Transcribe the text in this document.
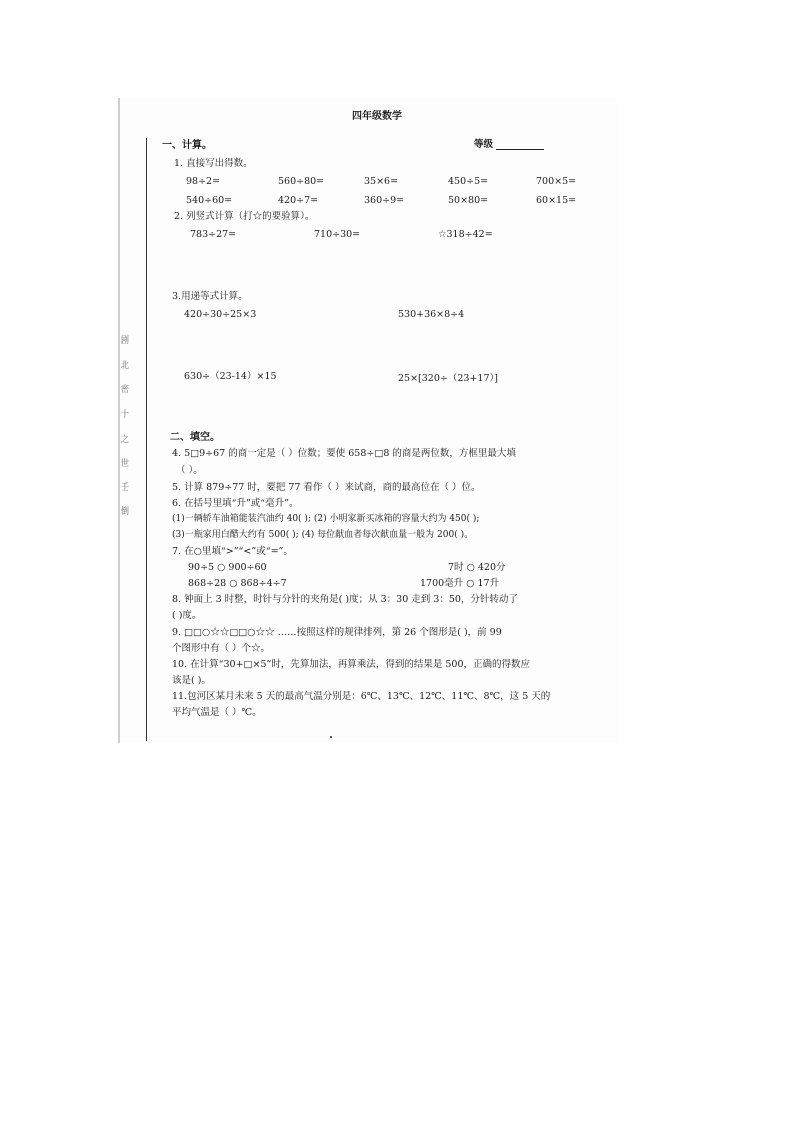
剧
北
密
十
之
世
壬
倒
四年级数学
等级
一、计算。
1. 直接写出得数。
98÷2=	560÷80=	35×6=	450÷5=	700×5=
540÷60=	420÷7=	360÷9=	50×80=	60×15=
2. 列竖式计算（打☆的要验算）。
783÷27=	710÷30=	☆318÷42=
3.用递等式计算。
420÷30÷25×3	530+36×8÷4
630÷（23-14）×15	25×[320÷（23+17）]
二、填空。
4. 5□9÷67 的商一定是（ ）位数；要使 658÷□8 的商是两位数，方框里最大填
（ ）。
5. 计算 879÷77 时，要把 77 看作（ ）来试商，商的最高位在（ ）位。
6. 在括号里填“升”或“毫升”。
(1)一辆轿车油箱能装汽油约 40( ); (2) 小明家新买冰箱的容量大约为 450( );
(3)一瓶家用白醋大约有 500( ); (4) 每位献血者每次献血量一般为 200( )。
7. 在○里填“>”“<”或“=”。
90÷5 ○ 900÷60	7时 ○ 420分
868÷28 ○ 868÷4÷7	1700毫升 ○ 17升
8. 钟面上 3 时整，时针与分针的夹角是( )度；从 3：30 走到 3：50，分针转动了
( )度。
9. □□○☆☆□□○☆☆ ……按照这样的规律排列，第 26 个图形是( )，前 99
个图形中有（ ）个☆。
10. 在计算“30+□×5”时，先算加法，再算乘法，得到的结果是 500，正确的得数应
该是( )。
11.包河区某月未来 5 天的最高气温分别是：6℃、13℃、12℃、11℃、8℃，这 5 天的
平均气温是（ ）℃。
